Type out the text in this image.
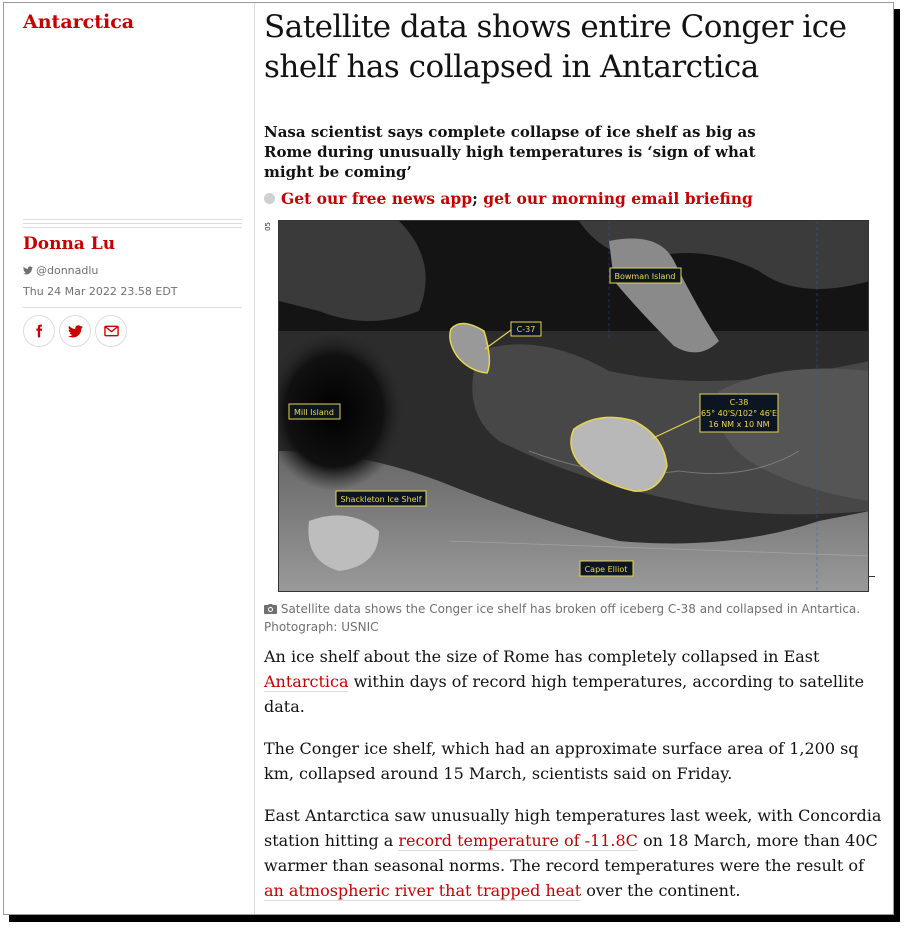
Antarctica
Donna Lu
@donnadlu
Thu 24 Mar 2022 23.58 EDT
Satellite data shows entire Conger ice shelf has collapsed in Antarctica
Nasa scientist says complete collapse of ice shelf as big as Rome during unusually high temperatures is ‘sign of what might be coming’
Get our free news app; get our morning email briefing
05
Bowman Island
C-37
Mill Island
C-38
65° 40'S/102° 46'E
16 NM x 10 NM
Shackleton Ice Shelf
Cape Elliot
Satellite data shows the Conger ice shelf has broken off iceberg C-38 and collapsed in Antartica.
Photograph: USNIC

An ice shelf about the size of Rome has completely collapsed in East Antarctica within days of record high temperatures, according to satellite data.

The Conger ice shelf, which had an approximate surface area of 1,200 sq km, collapsed around 15 March, scientists said on Friday.

East Antarctica saw unusually high temperatures last week, with Concordia station hitting a record temperature of -11.8C on 18 March, more than 40C warmer than seasonal norms. The record temperatures were the result of an atmospheric river that trapped heat over the continent.
